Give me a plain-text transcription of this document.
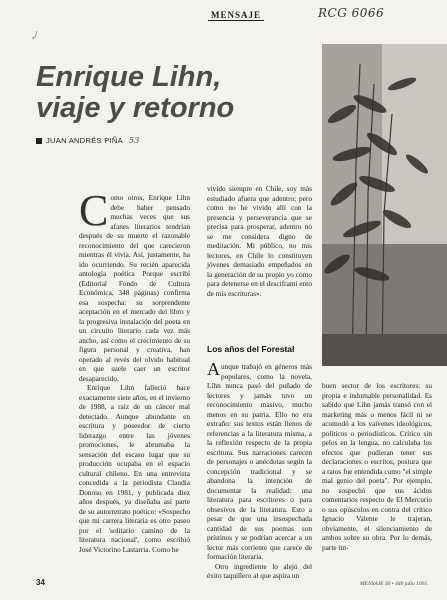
,/
RCG 6066
MENSAJE
Enrique Lihn,
viaje y retorno
JUAN ANDRÉS PIÑA 53

Como otros, Enrique Lihn debe haber pensado muchas veces que sus afanes literarios tendrían después de su muerte el razonable reconocimiento del que carecieron mientras él vivía. Así, justamente, ha ido ocurriendo. Su recién aparecida antología poética Porque escribí (Editorial Fondo de Cultura Económica, 348 páginas) confirma esa sospecha: su sorprendente aceptación en el mercado del libro y la progresiva instalación del poeta en un circuito literario cada vez más ancho, así como el crecimiento de su figura personal y creativa, han operado al revés del olvido habitual en que suele caer un escritor desaparecido.

Enrique Lihn falleció hace exactamente siete años, en el invierno de 1988, a raíz de un cáncer mal detectado. Aunque abundante en escritura y poseedor de cierto liderazgo entre las jóvenes promociones, le abrumaba la sensación del escaso lugar que su producción ocupaba en el espacio cultural chileno. En una entrevista concedida a la periodista Claudia Donoso en 1981, y publicada diez años después, ya diseñaba así parte de su autorretrato poético: «Sospecho que mi carrera literaria es otro paseo por el 'solitario camino de la literatura nacional', como escribió José Victorino Lastarria. Como he

vivido siempre en Chile, soy más estudiado afuera que adentro; pero como no he vivido allí con la presencia y perseverancia que se precisa para prosperar, adentro no se me considera digno de meditación. Mi público, no mis lectores, en Chile lo constituyen jóvenes demasiado empeñados en la generación de su propio yo como para detenerse en el desciframi ento de mis escrituras».

Los años del Forestal

Aunque trabajó en géneros más populares, como la novela, Lihn nunca pasó del puñado de lectores y jamás tuvo un reconocimiento masivo, mucho menos en su patria. Ello no era extraño: sus textos están llenos de referencias a la literatura misma, a la reflexión respecto de la propia escritura. Sus narraciones carecen de personajes o anécdotas según la concepción tradicional y se abandona la intención de documentar la realidad: una literatura para escritores o para obsesivos de la literatura. Esto a pesar de que una insospechada cantidad de sus poemas son prístinos y se podrían acercar a un lector más corriente que carece de formación literaria.

Otro ingrediente lo alejó del éxito taquillero al que aspira un

buen sector de los escritores: su propia e indomable personalidad. Es sabido que Lihn jamás transó con el marketing más o menos fácil ni se acomodó a los vaivenes ideológicos, políticos o periodísticos. Crítico sin pelos en la lengua, no calculaba los efectos que pudieran tener sus declaraciones o escritos, postura que a ratos fue entendida como "el simple mal genio del poeta". Por ejemplo, no sospechó que sus ácidos comentarios respecto de El Mercurio o sus opúsculos en contra del crítico Ignacio Valente le trajeran, obviamente, el silenciamiento de ambos sobre su obra. Por lo demás, parte im-

34	MENSAJE 30 • 440 julio 1995
